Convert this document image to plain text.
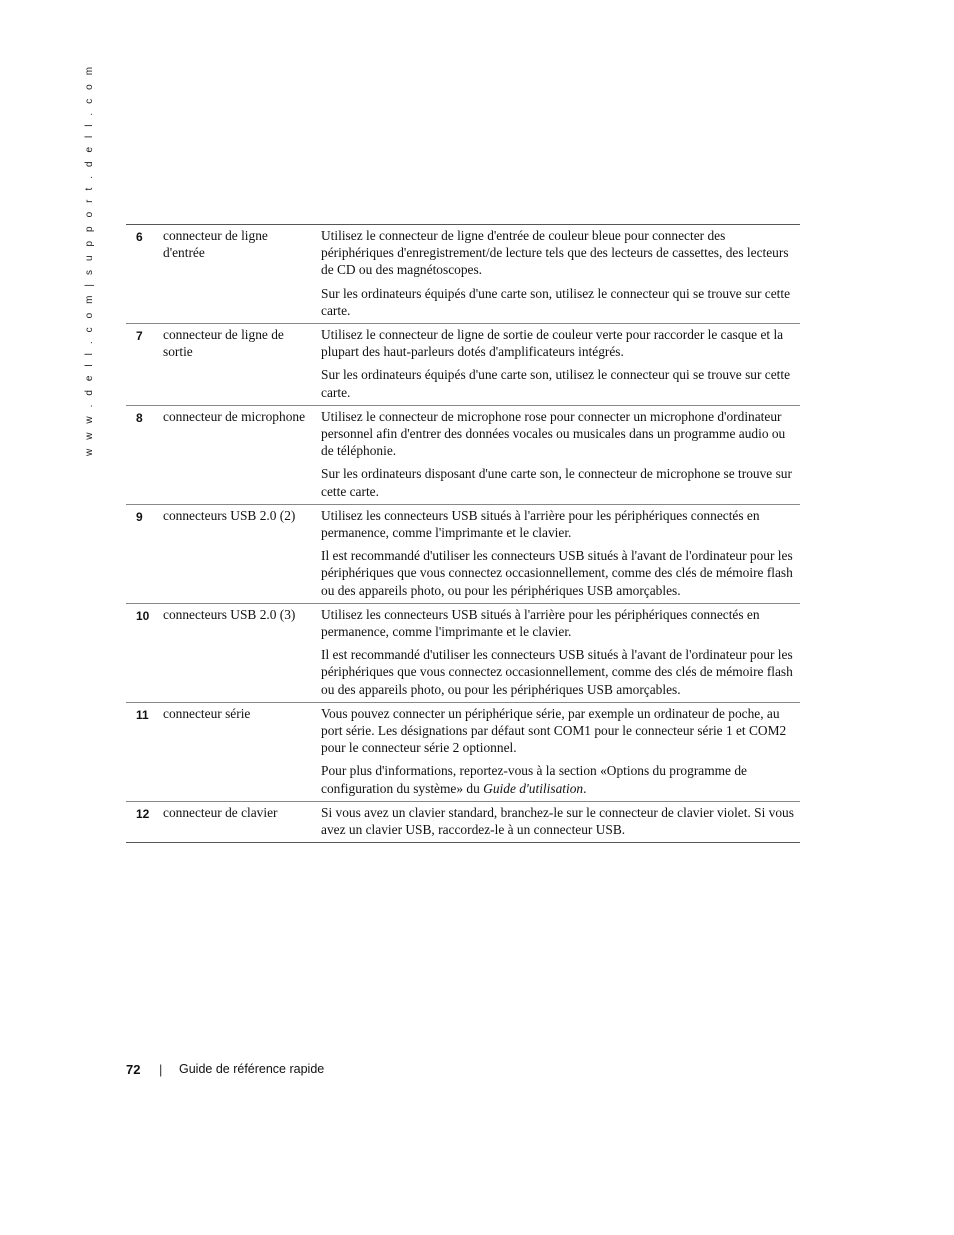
w w w . d e l l . c o m | s u p p o r t . d e l l . c o m	6	connecteur de ligne d'entrée	Utilisez le connecteur de ligne d'entrée de couleur bleue pour connecter des périphériques d'enregistrement/de lecture tels que des lecteurs de cassettes, des lecteurs de CD ou des magnétoscopes.

Sur les ordinateurs équipés d'une carte son, utilisez le connecteur qui se trouve sur cette carte.

7	connecteur de ligne de sortie	Utilisez le connecteur de ligne de sortie de couleur verte pour raccorder le casque et la plupart des haut-parleurs dotés d'amplificateurs intégrés.

Sur les ordinateurs équipés d'une carte son, utilisez le connecteur qui se trouve sur cette carte.

8	connecteur de microphone	Utilisez le connecteur de microphone rose pour connecter un microphone d'ordinateur personnel afin d'entrer des données vocales ou musicales dans un programme audio ou de téléphonie.

Sur les ordinateurs disposant d'une carte son, le connecteur de microphone se trouve sur cette carte.

9	connecteurs USB 2.0 (2)	Utilisez les connecteurs USB situés à l'arrière pour les périphériques connectés en permanence, comme l'imprimante et le clavier.

Il est recommandé d'utiliser les connecteurs USB situés à l'avant de l'ordinateur pour les périphériques que vous connectez occasionnellement, comme des clés de mémoire flash ou des appareils photo, ou pour les périphériques USB amorçables.

10	connecteurs USB 2.0 (3)	Utilisez les connecteurs USB situés à l'arrière pour les périphériques connectés en permanence, comme l'imprimante et le clavier.

Il est recommandé d'utiliser les connecteurs USB situés à l'avant de l'ordinateur pour les périphériques que vous connectez occasionnellement, comme des clés de mémoire flash ou des appareils photo, ou pour les périphériques USB amorçables.

11	connecteur série	Vous pouvez connecter un périphérique série, par exemple un ordinateur de poche, au port série. Les désignations par défaut sont COM1 pour le connecteur série 1 et COM2 pour le connecteur série 2 optionnel.

Pour plus d'informations, reportez-vous à la section «Options du programme de configuration du système» du Guide d'utilisation.

12	connecteur de clavier	Si vous avez un clavier standard, branchez-le sur le connecteur de clavier violet. Si vous avez un clavier USB, raccordez-le à un connecteur USB.

72 | Guide de référence rapide
